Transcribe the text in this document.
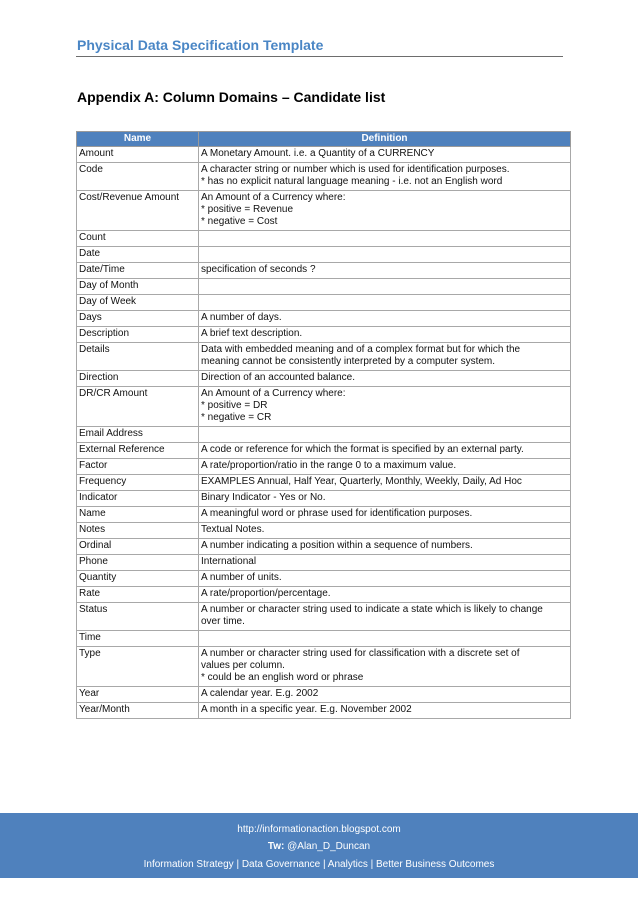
Physical Data Specification Template
Appendix A: Column Domains – Candidate list
Name	Definition
Amount	A Monetary Amount. i.e. a Quantity of a CURRENCY
Code	A character string or number which is used for identification purposes.
* has no explicit natural language meaning - i.e. not an English word
Cost/Revenue Amount	An Amount of a Currency where:
* positive = Revenue
* negative = Cost
Count	
Date	
Date/Time	specification of seconds ?
Day of Month	
Day of Week	
Days	A number of days.
Description	A brief text description.
Details	Data with embedded meaning and of a complex format but for which the
meaning cannot be consistently interpreted by a computer system.
Direction	Direction of an accounted balance.
DR/CR Amount	An Amount of a Currency where:
* positive = DR
* negative = CR
Email Address	
External Reference	A code or reference for which the format is specified by an external party.
Factor	A rate/proportion/ratio in the range 0 to a maximum value.
Frequency	EXAMPLES Annual, Half Year, Quarterly, Monthly, Weekly, Daily, Ad Hoc
Indicator	Binary Indicator - Yes or No.
Name	A meaningful word or phrase used for identification purposes.
Notes	Textual Notes.
Ordinal	A number indicating a position within a sequence of numbers.
Phone	International
Quantity	A number of units.
Rate	A rate/proportion/percentage.
Status	A number or character string used to indicate a state which is likely to change
over time.
Time	
Type	A number or character string used for classification with a discrete set of
values per column.
* could be an english word or phrase
Year	A calendar year. E.g. 2002
Year/Month	A month in a specific year. E.g. November 2002
http://informationaction.blogspot.com
Tw: @Alan_D_Duncan
Information Strategy | Data Governance | Analytics | Better Business Outcomes
